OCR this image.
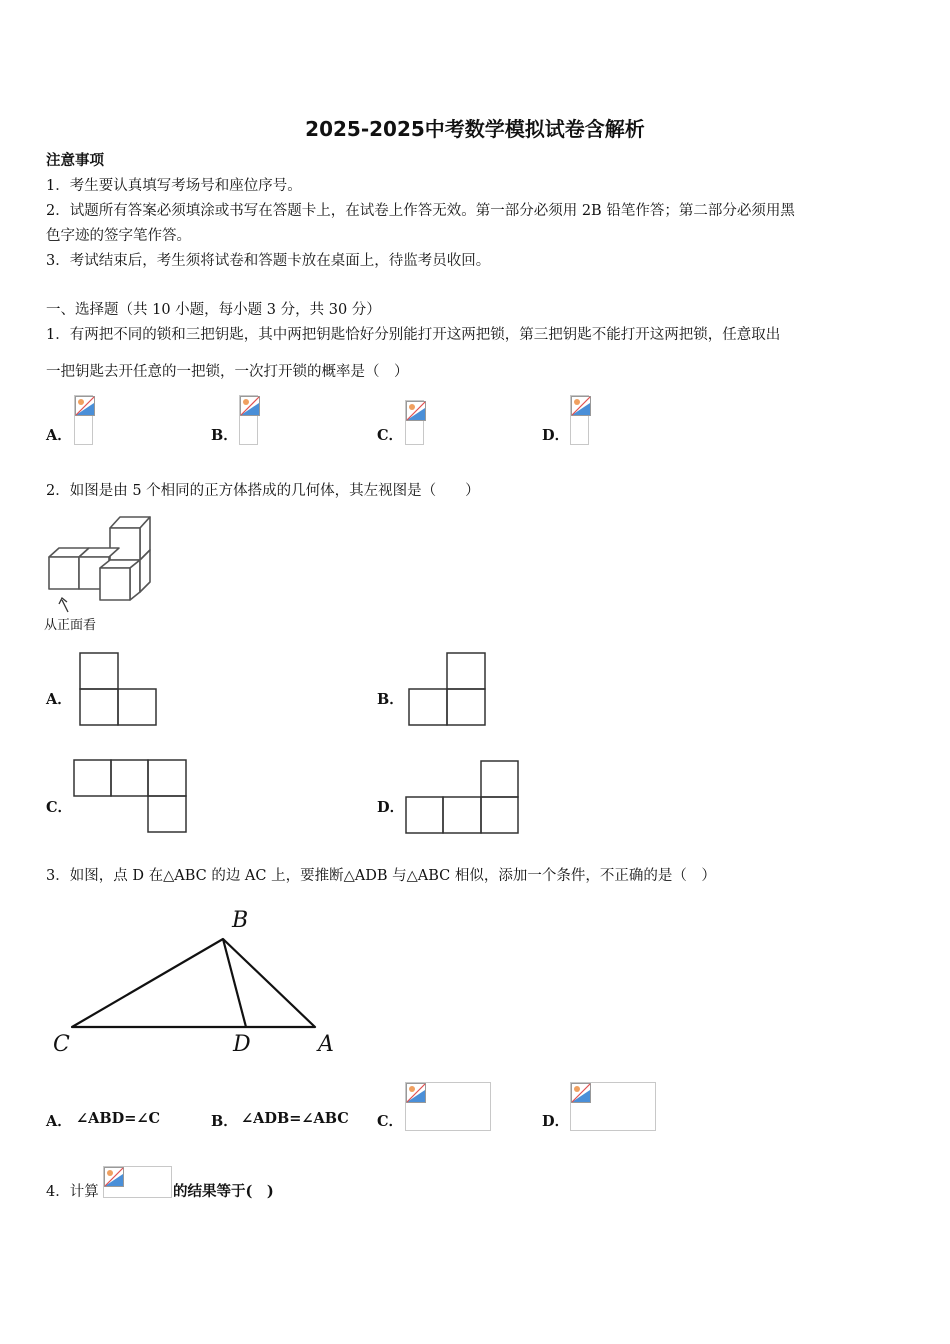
2025-2025中考数学模拟试卷含解析
注意事项
1．考生要认真填写考场号和座位序号。
2．试题所有答案必须填涂或书写在答题卡上，在试卷上作答无效。第一部分必须用 2B 铅笔作答；第二部分必须用黑
色字迹的签字笔作答。
3．考试结束后，考生须将试卷和答题卡放在桌面上，待监考员收回。
一、选择题（共 10 小题，每小题 3 分，共 30 分）
1．有两把不同的锁和三把钥匙，其中两把钥匙恰好分别能打开这两把锁，第三把钥匙不能打开这两把锁，任意取出
一把钥匙去开任意的一把锁，一次打开锁的概率是（　）
A．	B．	C．	D．
2．如图是由 5 个相同的正方体搭成的几何体，其左视图是（　　）
从正面看
A．	B．
C．	D．
3．如图，点 D 在△ABC 的边 AC 上，要推断△ADB 与△ABC 相似，添加一个条件，不正确的是（　）
B
C	D	A
A． ∠ABD=∠C	B． ∠ADB=∠ABC C．	D．
4．计算	的结果等于(　)
